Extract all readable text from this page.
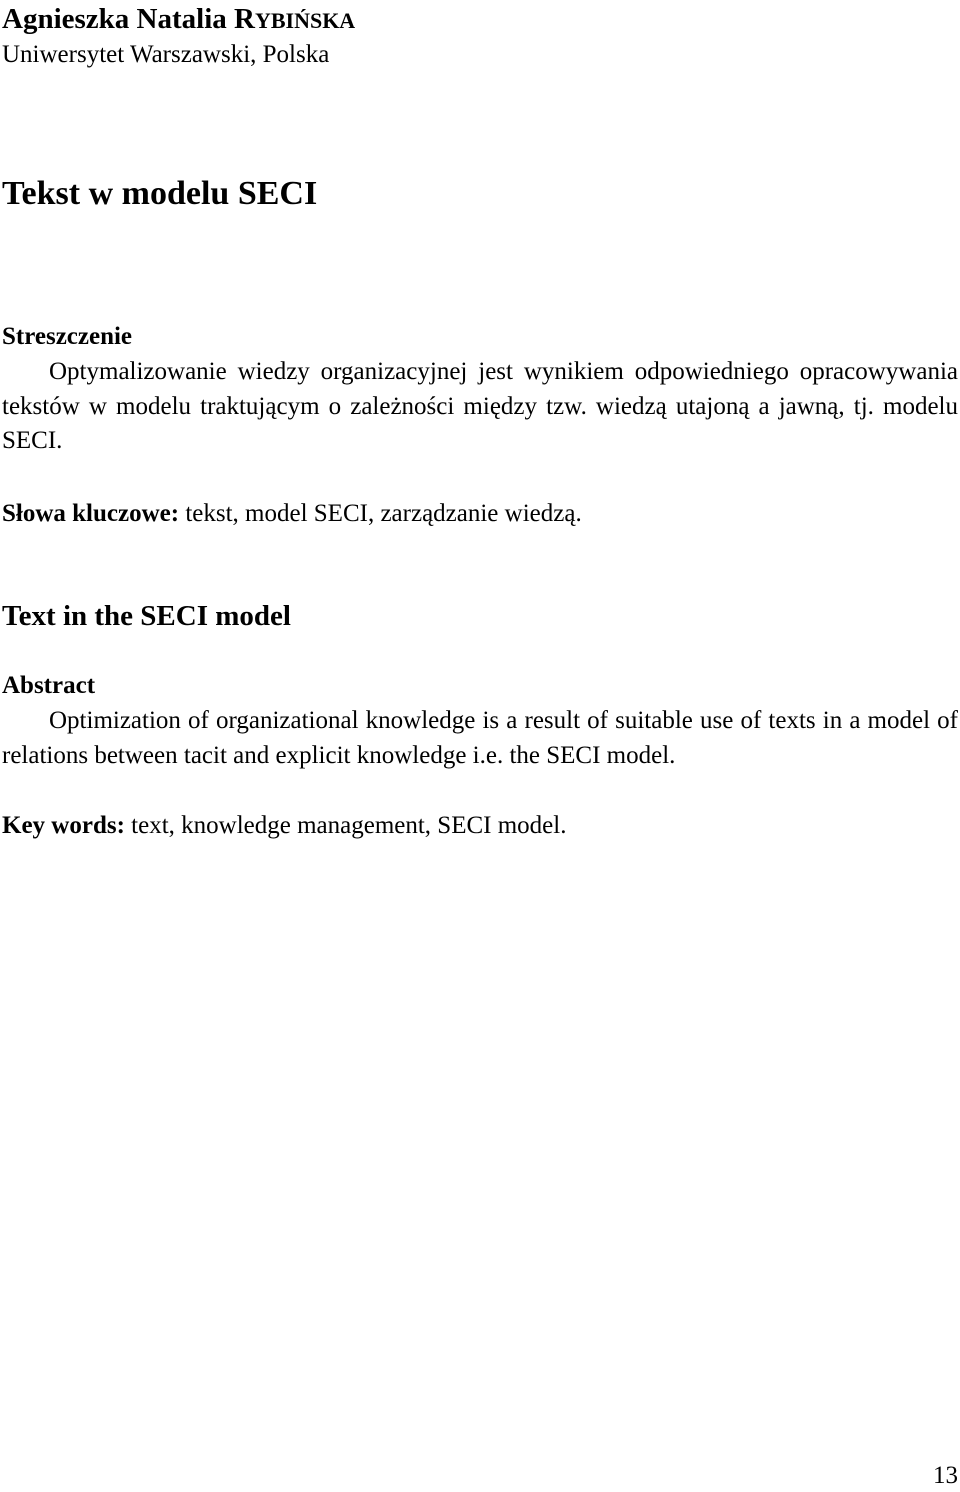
Agnieszka Natalia RYBIŃSKA
Uniwersytet Warszawski, Polska
Tekst w modelu SECI
Streszczenie

Optymalizowanie wiedzy organizacyjnej jest wynikiem odpowiedniego opracowywania tekstów w modelu traktującym o zależności między tzw. wiedzą utajoną a jawną, tj. modelu SECI.

Słowa kluczowe: tekst, model SECI, zarządzanie wiedzą.
Text in the SECI model
Abstract

Optimization of organizational knowledge is a result of suitable use of texts in a model of relations between tacit and explicit knowledge i.e. the SECI model.

Key words: text, knowledge management, SECI model.
13
